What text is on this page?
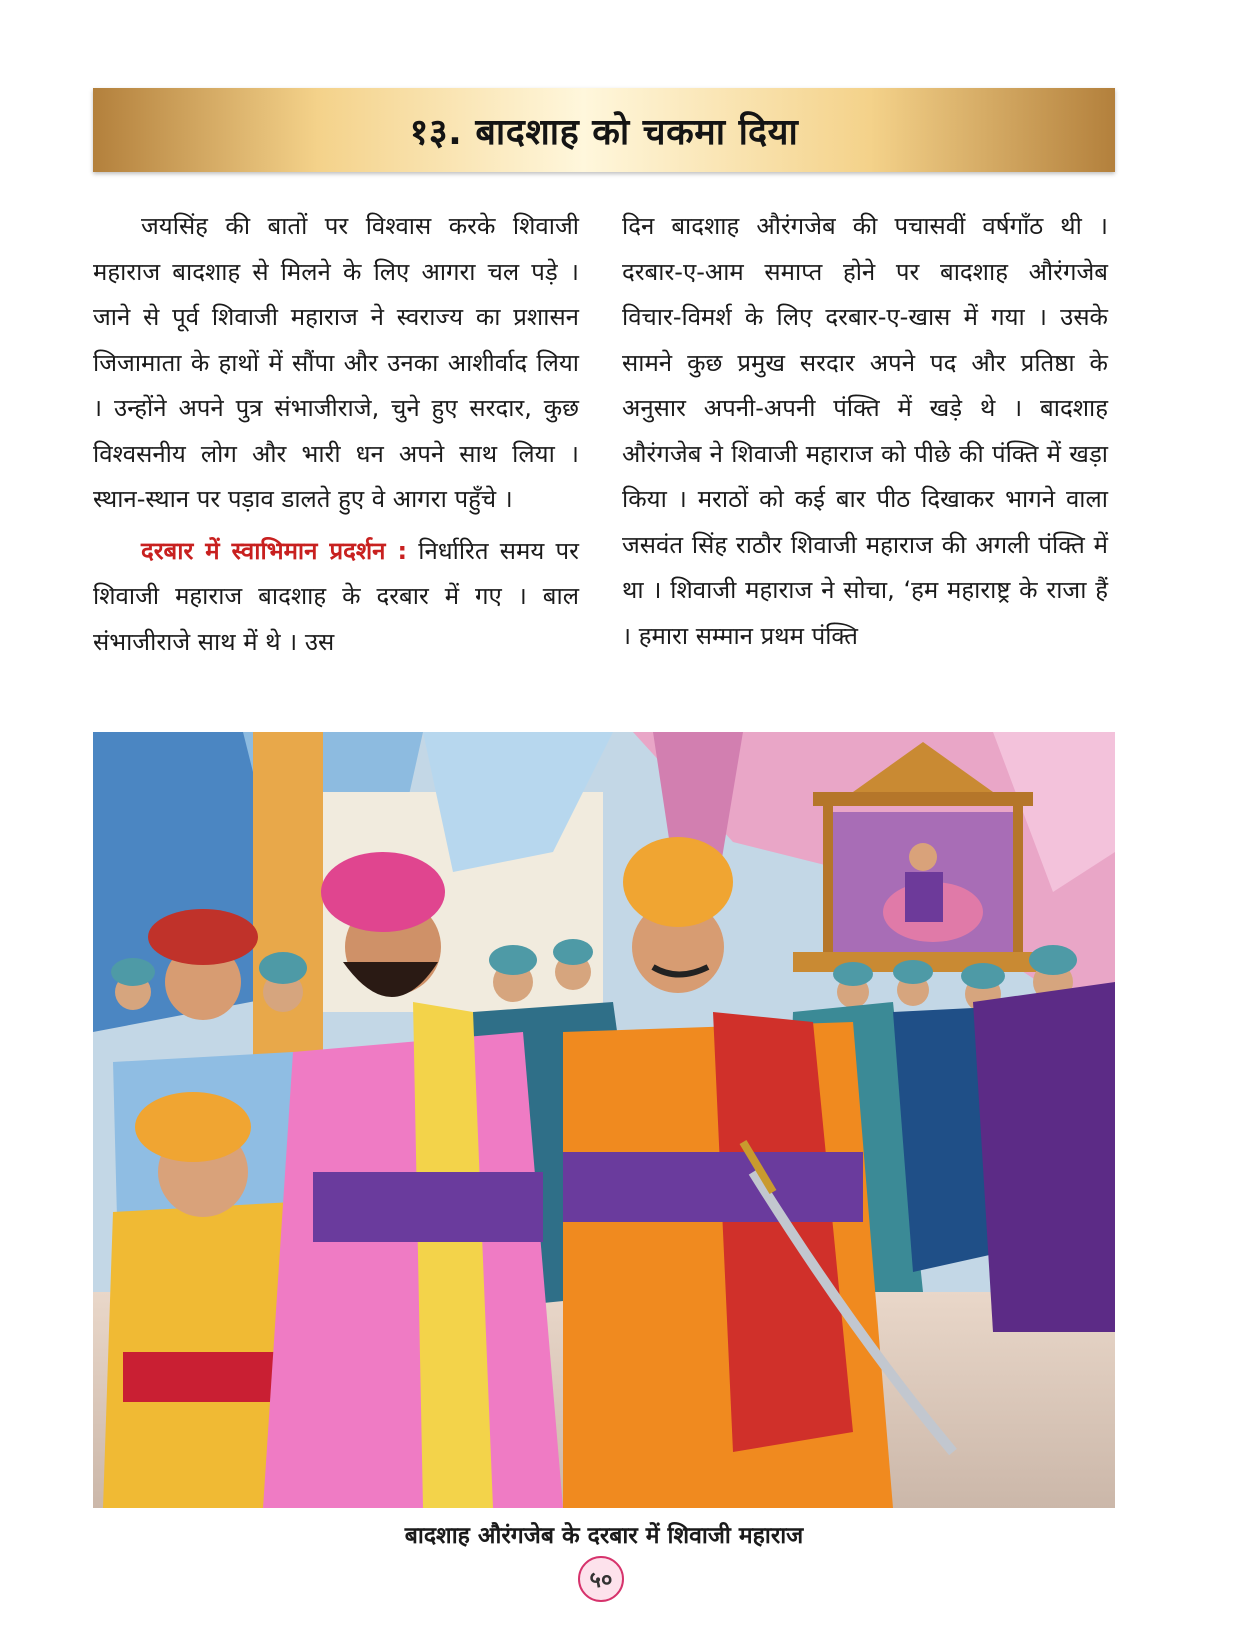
१३. बादशाह को चकमा दिया

जयसिंह की बातों पर विश्वास करके शिवाजी महाराज बादशाह से मिलने के लिए आगरा चल पड़े । जाने से पूर्व शिवाजी महाराज ने स्वराज्य का प्रशासन जिजामाता के हाथों में सौंपा और उनका आशीर्वाद लिया । उन्होंने अपने पुत्र संभाजीराजे, चुने हुए सरदार, कुछ विश्वसनीय लोग और भारी धन अपने साथ लिया । स्थान-स्थान पर पड़ाव डालते हुए वे आगरा पहुँचे ।

दरबार में स्वाभिमान प्रदर्शन : निर्धारित समय पर शिवाजी महाराज बादशाह के दरबार में गए । बाल संभाजीराजे साथ में थे । उस

दिन बादशाह औरंगजेब की पचासवीं वर्षगाँठ थी । दरबार-ए-आम समाप्त होने पर बादशाह औरंगजेब विचार-विमर्श के लिए दरबार-ए-खास में गया । उसके सामने कुछ प्रमुख सरदार अपने पद और प्रतिष्ठा के अनुसार अपनी-अपनी पंक्ति में खड़े थे । बादशाह औरंगजेब ने शिवाजी महाराज को पीछे की पंक्ति में खड़ा किया । मराठों को कई बार पीठ दिखाकर भागने वाला जसवंत सिंह राठौर शिवाजी महाराज की अगली पंक्ति में था । शिवाजी महाराज ने सोचा, ‘हम महाराष्ट्र के राजा हैं । हमारा सम्मान प्रथम पंक्ति

बादशाह औरंगजेब के दरबार में शिवाजी महाराज
५०
